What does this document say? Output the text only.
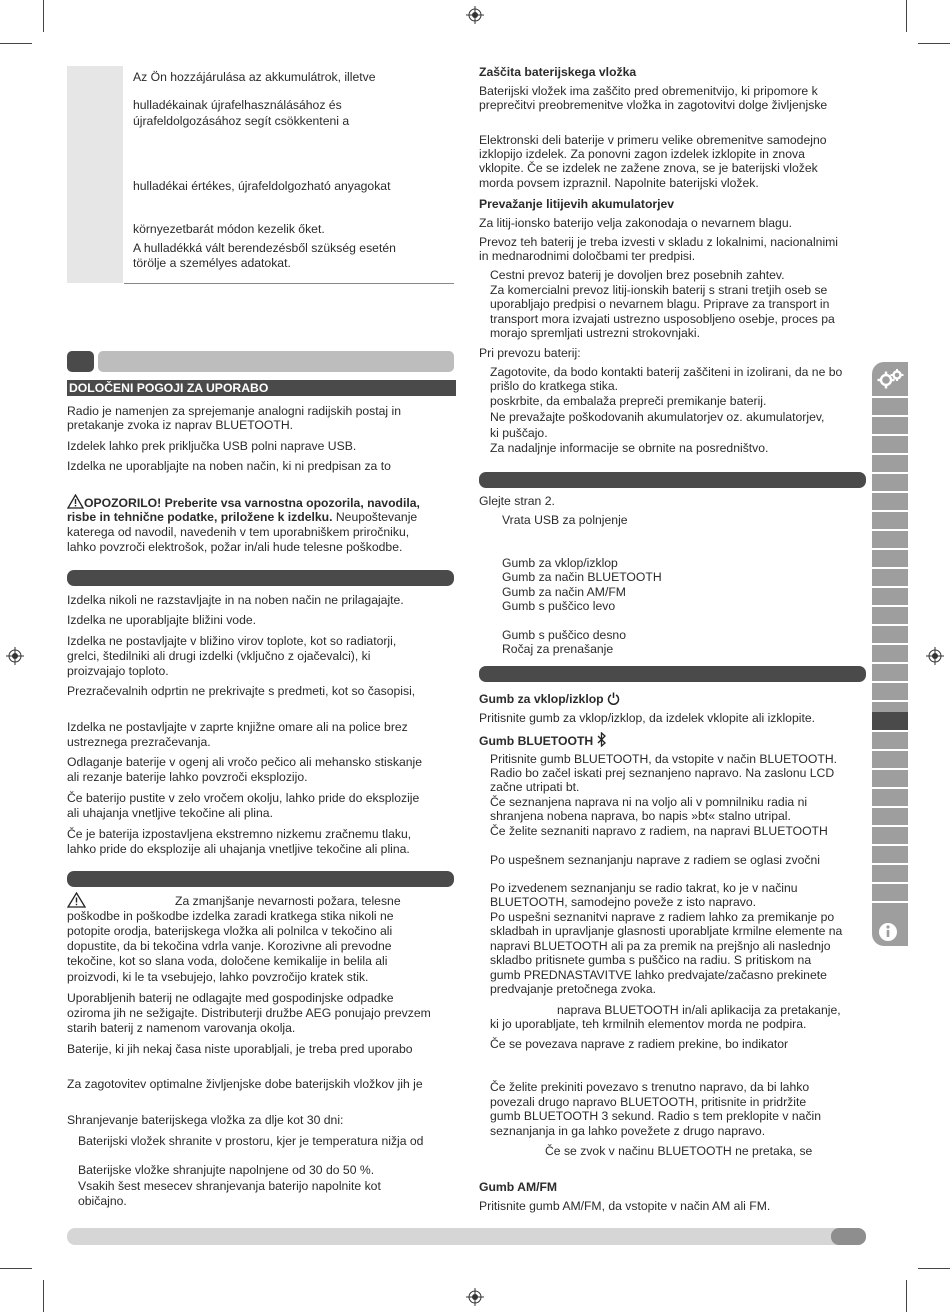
Az Ön hozzájárulása az akkumulátrok, illetve

hulladékainak újrafelhasználásához és

újrafeldolgozásához segít csökkenteni a

hulladékai értékes, újrafeldolgozható anyagokat

környezetbarát módon kezelik őket.

A hulladékká vált berendezésből szükség esetén

törölje a személyes adatokat.

DOLOČENI POGOJI ZA UPORABO

Radio je namenjen za sprejemanje analogni radijskih postaj in

pretakanje zvoka iz naprav BLUETOOTH.

Izdelek lahko prek priključka USB polni naprave USB.

Izdelka ne uporabljajte na noben način, ki ni predpisan za to

OPOZORILO! Preberite vsa varnostna opozorila, navodila,

risbe in tehnične podatke, priložene k izdelku. Neupoštevanje

katerega od navodil, navedenih v tem uporabniškem priročniku,

lahko povzroči elektrošok, požar in/ali hude telesne poškodbe.

Izdelka nikoli ne razstavljajte in na noben način ne prilagajajte.

Izdelka ne uporabljajte bližini vode.

Izdelka ne postavljajte v bližino virov toplote, kot so radiatorji,

grelci, štedilniki ali drugi izdelki (vključno z ojačevalci), ki

proizvajajo toploto.

Prezračevalnih odprtin ne prekrivajte s predmeti, kot so časopisi,

Izdelka ne postavljajte v zaprte knjižne omare ali na police brez

ustreznega prezračevanja.

Odlaganje baterije v ogenj ali vročo pečico ali mehansko stiskanje

ali rezanje baterije lahko povzroči eksplozijo.

Če baterijo pustite v zelo vročem okolju, lahko pride do eksplozije

ali uhajanja vnetljive tekočine ali plina.

Če je baterija izpostavljena ekstremno nizkemu zračnemu tlaku,

lahko pride do eksplozije ali uhajanja vnetljive tekočine ali plina.

Za zmanjšanje nevarnosti požara, telesne

poškodbe in poškodbe izdelka zaradi kratkega stika nikoli ne

potopite orodja, baterijskega vložka ali polnilca v tekočino ali

dopustite, da bi tekočina vdrla vanje. Korozivne ali prevodne

tekočine, kot so slana voda, določene kemikalije in belila ali

proizvodi, ki le ta vsebujejo, lahko povzročijo kratek stik.

Uporabljenih baterij ne odlagajte med gospodinjske odpadke

oziroma jih ne sežigajte. Distributerji družbe AEG ponujajo prevzem

starih baterij z namenom varovanja okolja.

Baterije, ki jih nekaj časa niste uporabljali, je treba pred uporabo

Za zagotovitev optimalne življenjske dobe baterijskih vložkov jih je

Shranjevanje baterijskega vložka za dlje kot 30 dni:

Baterijski vložek shranite v prostoru, kjer je temperatura nižja od

Baterijske vložke shranjujte napolnjene od 30 do 50 %.

Vsakih šest mesecev shranjevanja baterijo napolnite kot

običajno.

Zaščita baterijskega vložka

Baterijski vložek ima zaščito pred obremenitvijo, ki pripomore k

preprečitvi preobremenitve vložka in zagotovitvi dolge življenjske

Elektronski deli baterije v primeru velike obremenitve samodejno

izklopijo izdelek. Za ponovni zagon izdelek izklopite in znova

vklopite. Če se izdelek ne zažene znova, se je baterijski vložek

morda povsem izpraznil. Napolnite baterijski vložek.

Prevažanje litijevih akumulatorjev

Za litij-ionsko baterijo velja zakonodaja o nevarnem blagu.

Prevoz teh baterij je treba izvesti v skladu z lokalnimi, nacionalnimi

in mednarodnimi določbami ter predpisi.

Cestni prevoz baterij je dovoljen brez posebnih zahtev.

Za komercialni prevoz litij-ionskih baterij s strani tretjih oseb se

uporabljajo predpisi o nevarnem blagu. Priprave za transport in

transport mora izvajati ustrezno usposobljeno osebje, proces pa

morajo spremljati ustrezni strokovnjaki.

Pri prevozu baterij:

Zagotovite, da bodo kontakti baterij zaščiteni in izolirani, da ne bo

prišlo do kratkega stika.

poskrbite, da embalaža prepreči premikanje baterij.

Ne prevažajte poškodovanih akumulatorjev oz. akumulatorjev,

ki puščajo.

Za nadaljnje informacije se obrnite na posredništvo.

Glejte stran 2.

Vrata USB za polnjenje

Gumb za vklop/izklop

Gumb za način BLUETOOTH

Gumb za način AM/FM

Gumb s puščico levo

Gumb s puščico desno

Ročaj za prenašanje

Gumb za vklop/izklop

Pritisnite gumb za vklop/izklop, da izdelek vklopite ali izklopite.

Gumb BLUETOOTH

Pritisnite gumb BLUETOOTH, da vstopite v način BLUETOOTH.

Radio bo začel iskati prej seznanjeno napravo. Na zaslonu LCD

začne utripati bt.

Če seznanjena naprava ni na voljo ali v pomnilniku radia ni

shranjena nobena naprava, bo napis »bt« stalno utripal.

Če želite seznaniti napravo z radiem, na napravi BLUETOOTH

Po uspešnem seznanjanju naprave z radiem se oglasi zvočni

Po izvedenem seznanjanju se radio takrat, ko je v načinu

BLUETOOTH, samodejno poveže z isto napravo.

Po uspešni seznanitvi naprave z radiem lahko za premikanje po

skladbah in upravljanje glasnosti uporabljate krmilne elemente na

napravi BLUETOOTH ali pa za premik na prejšnjo ali naslednjo

skladbo pritisnete gumba s puščico na radiu. S pritiskom na

gumb PREDNASTAVITVE lahko predvajate/začasno prekinete

predvajanje pretočnega zvoka.

naprava BLUETOOTH in/ali aplikacija za pretakanje,

ki jo uporabljate, teh krmilnih elementov morda ne podpira.

Če se povezava naprave z radiem prekine, bo indikator

Če želite prekiniti povezavo s trenutno napravo, da bi lahko

povezali drugo napravo BLUETOOTH, pritisnite in pridržite

gumb BLUETOOTH 3 sekund. Radio s tem preklopite v način

seznanjanja in ga lahko povežete z drugo napravo.

Če se zvok v načinu BLUETOOTH ne pretaka, se

Gumb AM/FM

Pritisnite gumb AM/FM, da vstopite v način AM ali FM.
